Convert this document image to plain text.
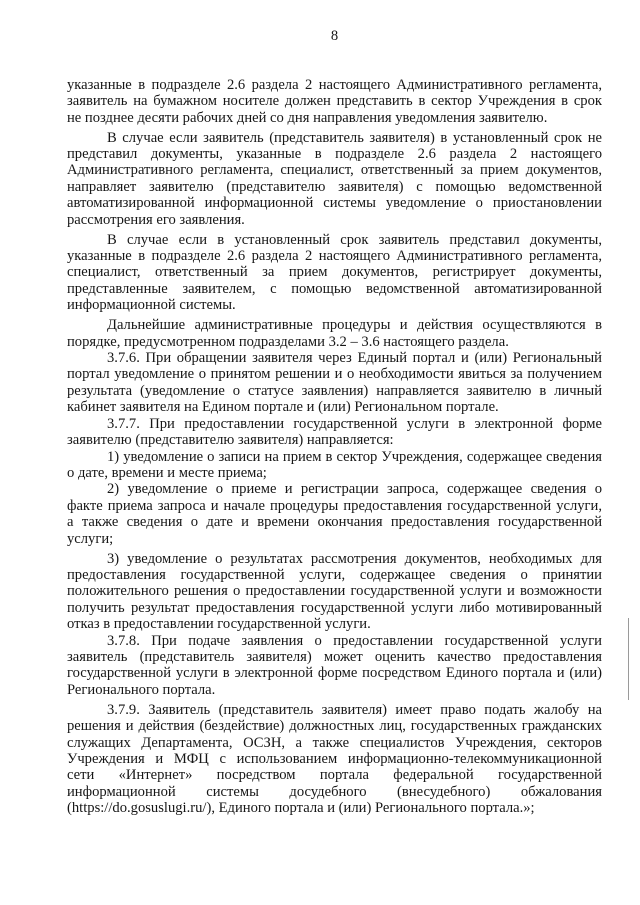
8
указанные в подразделе 2.6 раздела 2 настоящего Административного регламента,
заявитель на бумажном носителе должен представить в сектор Учреждения в срок
не позднее десяти рабочих дней со дня направления уведомления заявителю.
В случае если заявитель (представитель заявителя) в установленный срок не
представил документы, указанные в подразделе 2.6 раздела 2 настоящего
Административного регламента, специалист, ответственный за прием документов,
направляет заявителю (представителю заявителя) с помощью ведомственной
автоматизированной информационной системы уведомление о приостановлении
рассмотрения его заявления.
В случае если в установленный срок заявитель представил документы,
указанные в подразделе 2.6 раздела 2 настоящего Административного регламента,
специалист, ответственный за прием документов, регистрирует документы,
представленные заявителем, с помощью ведомственной автоматизированной
информационной системы.
Дальнейшие административные процедуры и действия осуществляются в
порядке, предусмотренном подразделами 3.2 – 3.6 настоящего раздела.
3.7.6. При обращении заявителя через Единый портал и (или) Региональный
портал уведомление о принятом решении и о необходимости явиться за получением
результата (уведомление о статусе заявления) направляется заявителю в личный
кабинет заявителя на Едином портале и (или) Региональном портале.
3.7.7. При предоставлении государственной услуги в электронной форме
заявителю (представителю заявителя) направляется:
1) уведомление о записи на прием в сектор Учреждения, содержащее сведения
о дате, времени и месте приема;
2) уведомление о приеме и регистрации запроса, содержащее сведения о
факте приема запроса и начале процедуры предоставления государственной услуги,
а также сведения о дате и времени окончания предоставления государственной
услуги;
3) уведомление о результатах рассмотрения документов, необходимых для
предоставления государственной услуги, содержащее сведения о принятии
положительного решения о предоставлении государственной услуги и возможности
получить результат предоставления государственной услуги либо мотивированный
отказ в предоставлении государственной услуги.
3.7.8. При подаче заявления о предоставлении государственной услуги
заявитель (представитель заявителя) может оценить качество предоставления
государственной услуги в электронной форме посредством Единого портала и (или)
Регионального портала.
3.7.9. Заявитель (представитель заявителя) имеет право подать жалобу на
решения и действия (бездействие) должностных лиц, государственных гражданских
служащих Департамента, ОСЗН, а также специалистов Учреждения, секторов
Учреждения и МФЦ с использованием информационно-телекоммуникационной
сети «Интернет» посредством портала федеральной государственной
информационной системы досудебного (внесудебного) обжалования
(https://do.gosuslugi.ru/), Единого портала и (или) Регионального портала.»;
